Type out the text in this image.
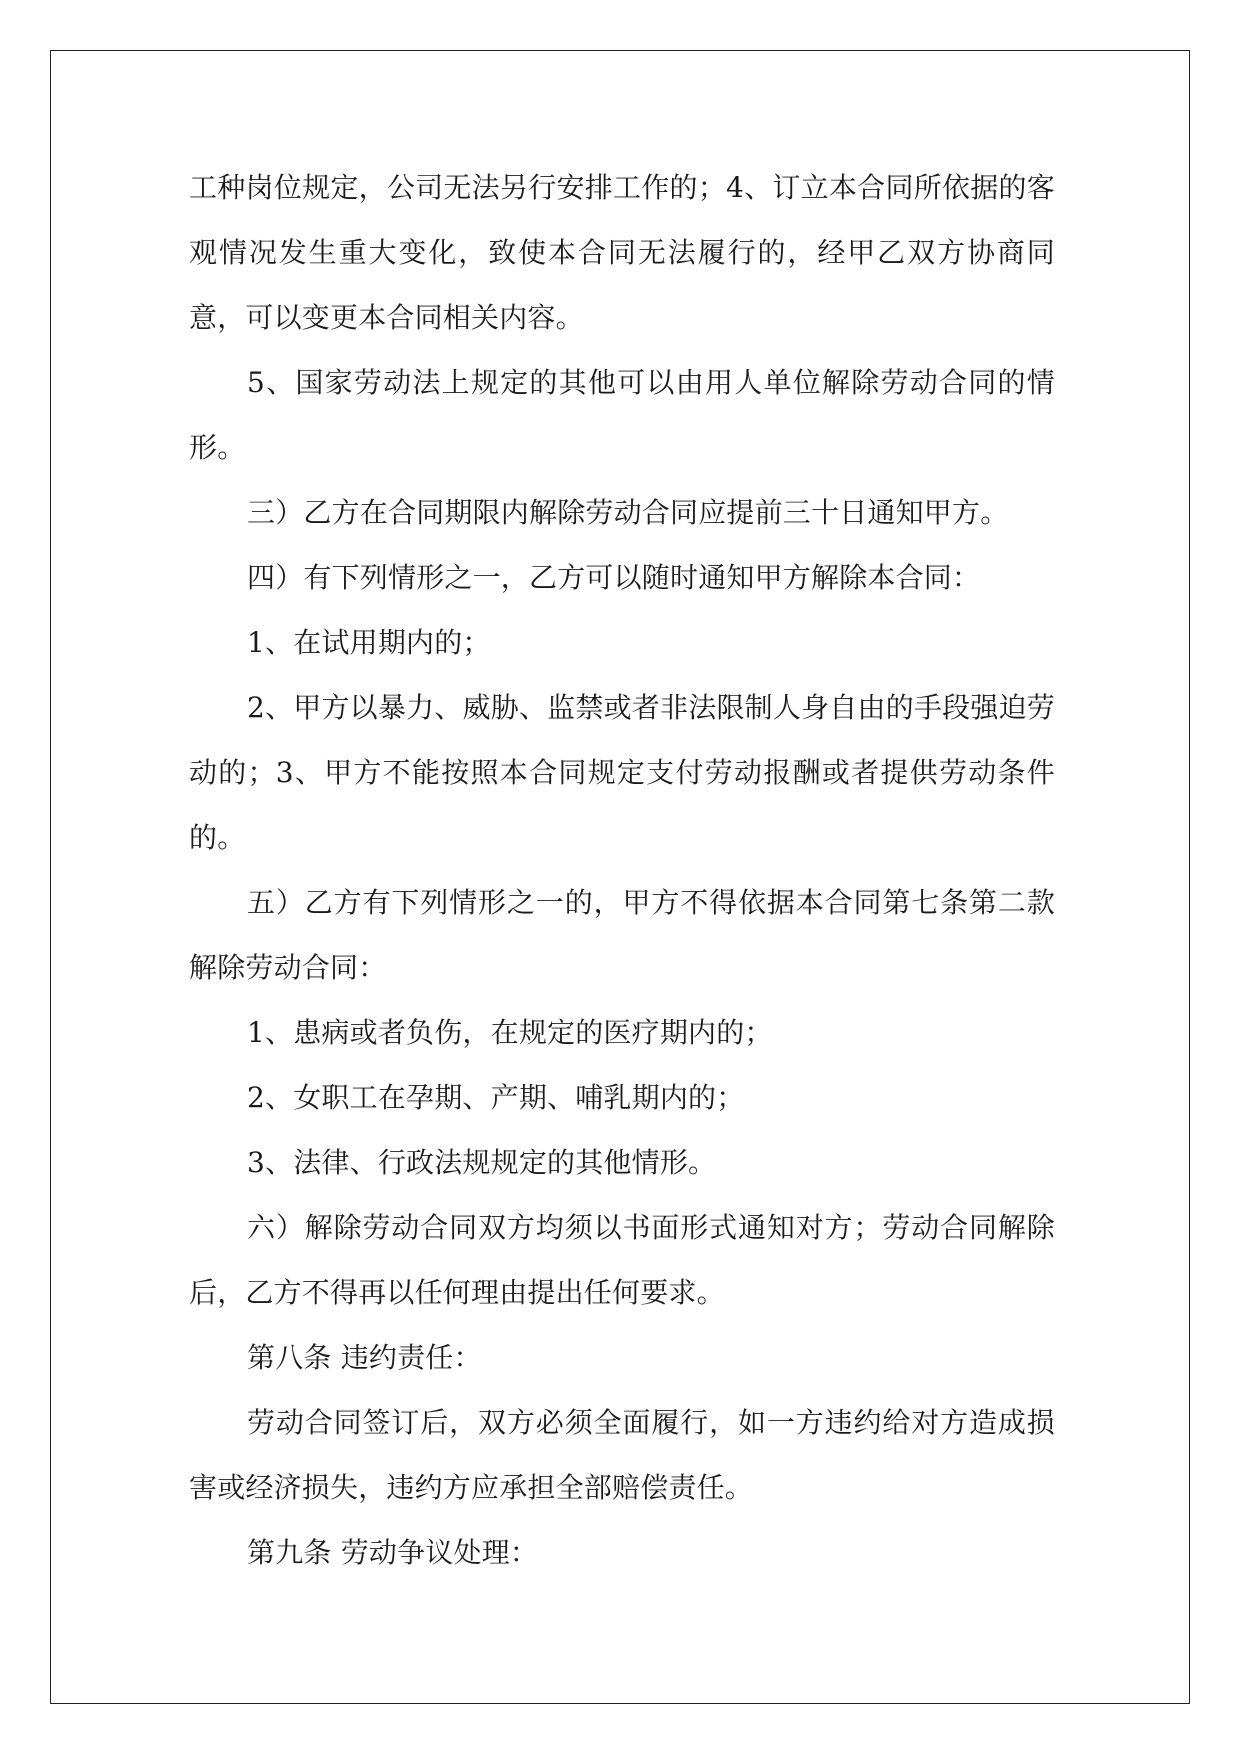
工种岗位规定，公司无法另行安排工作的；4、订立本合同所依据的客观情况发生重大变化，致使本合同无法履行的，经甲乙双方协商同意，可以变更本合同相关内容。

5、国家劳动法上规定的其他可以由用人单位解除劳动合同的情形。

三）乙方在合同期限内解除劳动合同应提前三十日通知甲方。

四）有下列情形之一，乙方可以随时通知甲方解除本合同：

1、在试用期内的；

2、甲方以暴力、威胁、监禁或者非法限制人身自由的手段强迫劳动的；3、甲方不能按照本合同规定支付劳动报酬或者提供劳动条件的。

五）乙方有下列情形之一的，甲方不得依据本合同第七条第二款解除劳动合同：

1、患病或者负伤，在规定的医疗期内的；

2、女职工在孕期、产期、哺乳期内的；

3、法律、行政法规规定的其他情形。

六）解除劳动合同双方均须以书面形式通知对方；劳动合同解除后，乙方不得再以任何理由提出任何要求。

第八条 违约责任：

劳动合同签订后，双方必须全面履行，如一方违约给对方造成损害或经济损失，违约方应承担全部赔偿责任。

第九条 劳动争议处理：
